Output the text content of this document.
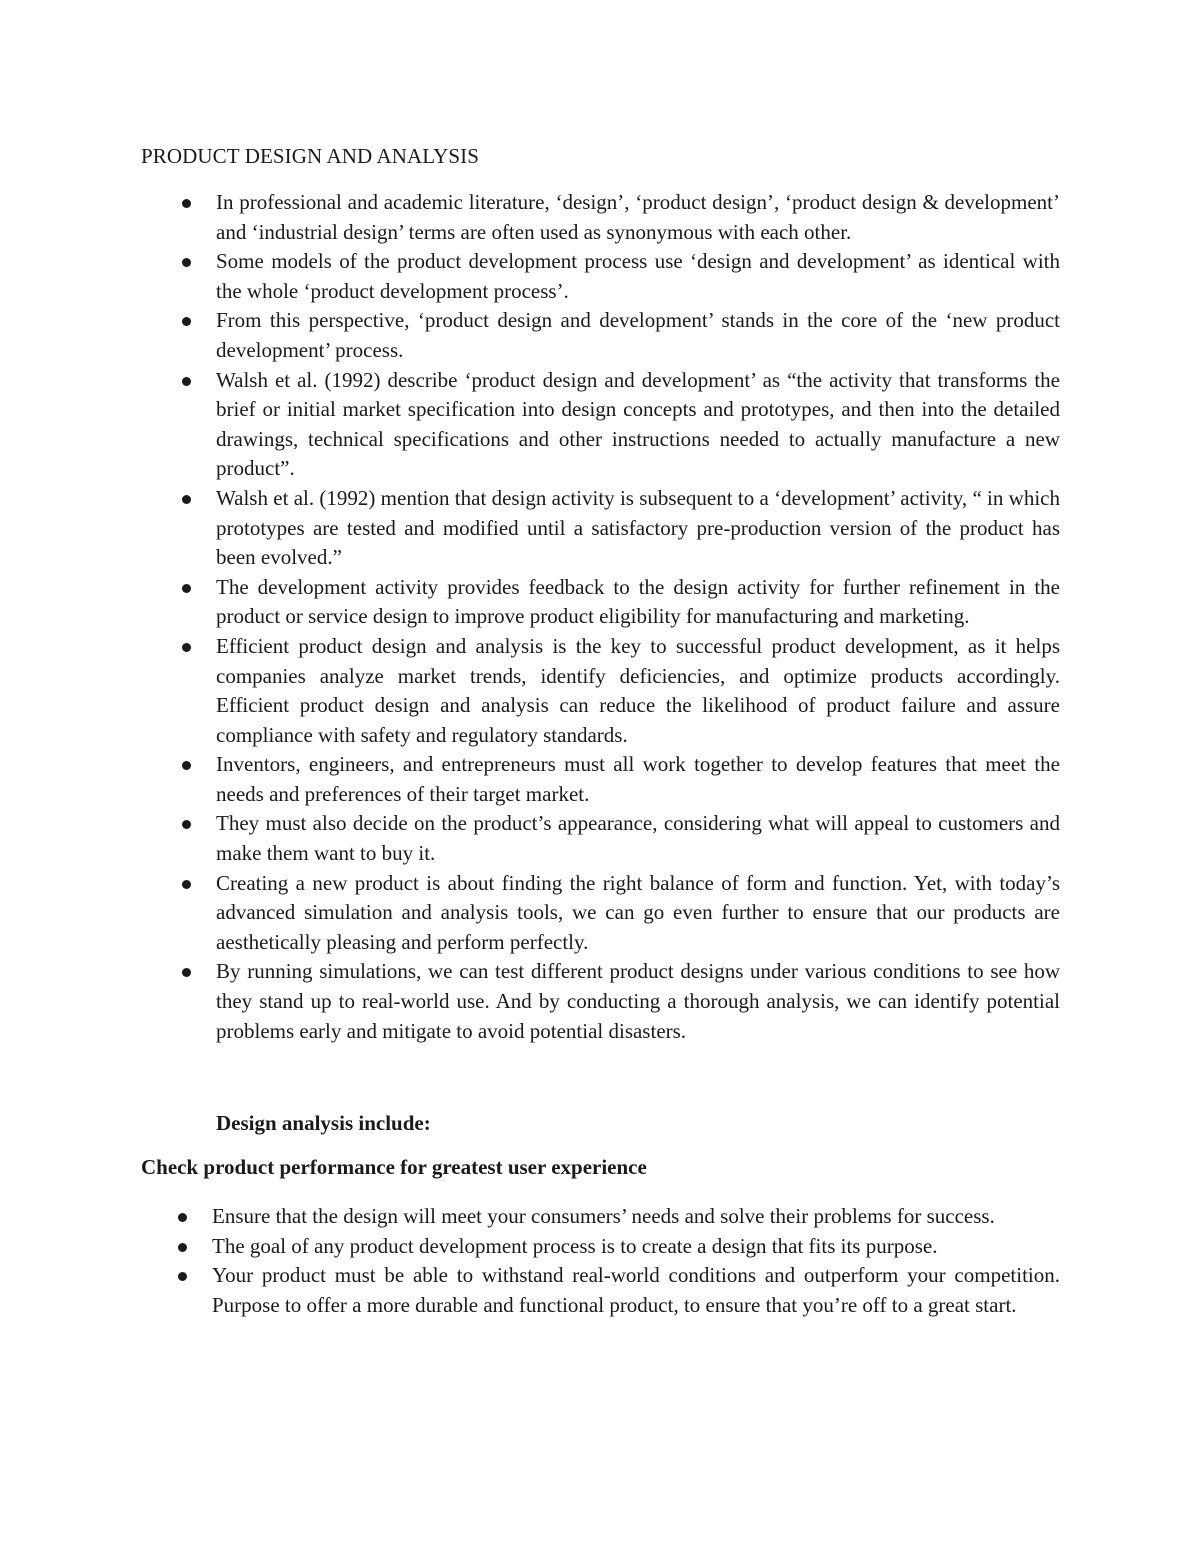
PRODUCT DESIGN AND ANALYSIS
In professional and academic literature, ‘design’, ‘product design’, ‘product design & development’ and ‘industrial design’ terms are often used as synonymous with each other.
Some models of the product development process use ‘design and development’ as identical with the whole ‘product development process’.
From this perspective, ‘product design and development’ stands in the core of the ‘new product development’ process.
Walsh et al. (1992) describe ‘product design and development’ as “the activity that transforms the brief or initial market specification into design concepts and prototypes, and then into the detailed drawings, technical specifications and other instructions needed to actually manufacture a new product”.
Walsh et al. (1992) mention that design activity is subsequent to a ‘development’ activity, “ in which prototypes are tested and modified until a satisfactory pre-production version of the product has been evolved.”
The development activity provides feedback to the design activity for further refinement in the product or service design to improve product eligibility for manufacturing and marketing.
Efficient product design and analysis is the key to successful product development, as it helps companies analyze market trends, identify deficiencies, and optimize products accordingly. Efficient product design and analysis can reduce the likelihood of product failure and assure compliance with safety and regulatory standards.
Inventors, engineers, and entrepreneurs must all work together to develop features that meet the needs and preferences of their target market.
They must also decide on the product’s appearance, considering what will appeal to customers and make them want to buy it.
Creating a new product is about finding the right balance of form and function. Yet, with today’s advanced simulation and analysis tools, we can go even further to ensure that our products are aesthetically pleasing and perform perfectly.
By running simulations, we can test different product designs under various conditions to see how they stand up to real-world use. And by conducting a thorough analysis, we can identify potential problems early and mitigate to avoid potential disasters.
Design analysis include:
Check product performance for greatest user experience
Ensure that the design will meet your consumers’ needs and solve their problems for success.
The goal of any product development process is to create a design that fits its purpose.
Your product must be able to withstand real-world conditions and outperform your competition. Purpose to offer a more durable and functional product, to ensure that you’re off to a great start.
